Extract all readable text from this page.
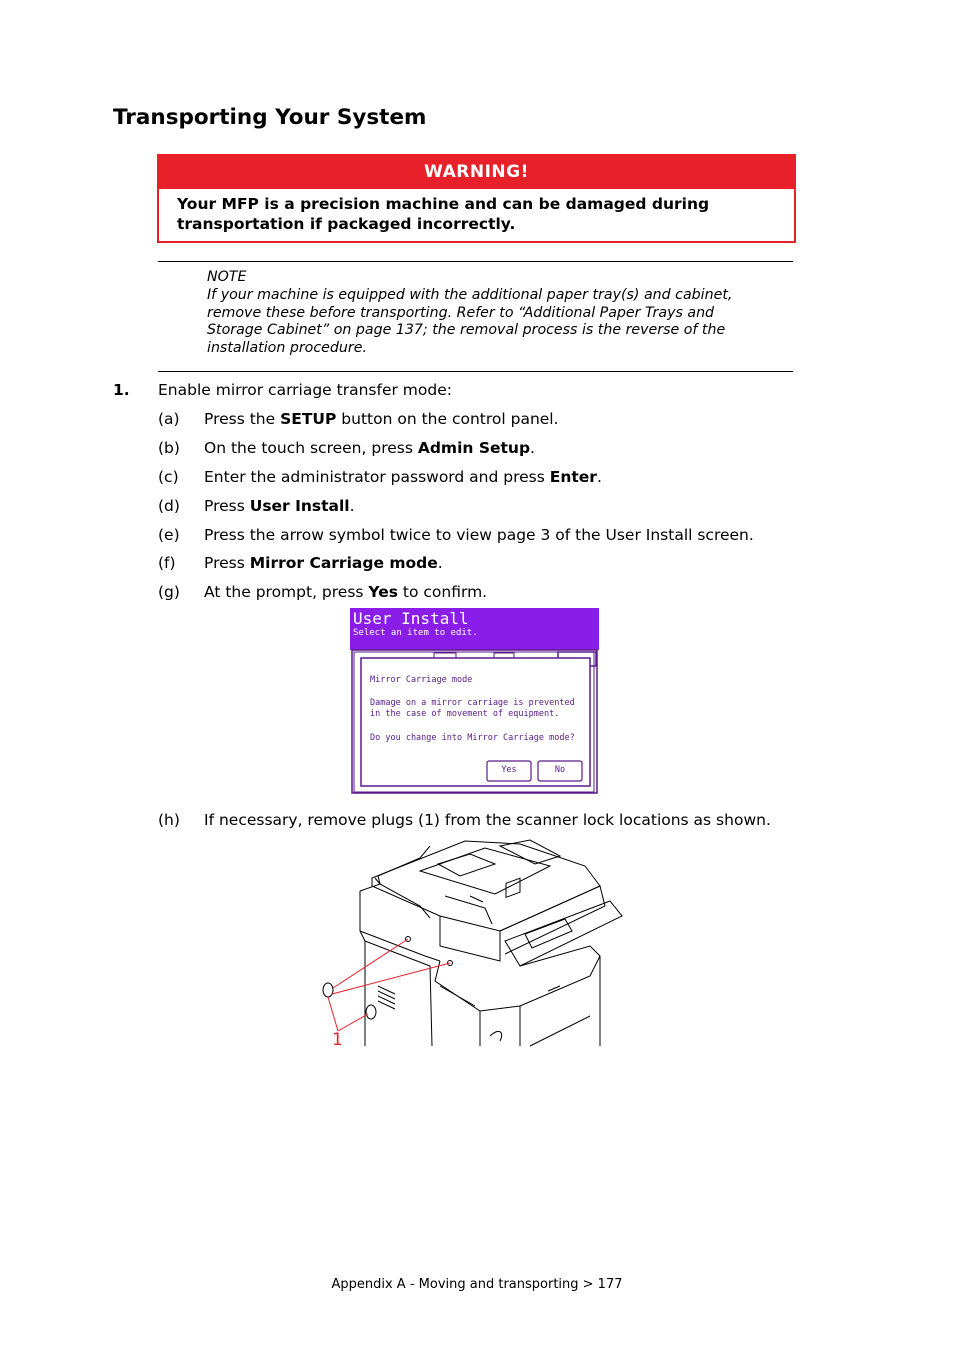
Transporting Your System
WARNING!
Your MFP is a precision machine and can be damaged during transportation if packaged incorrectly.
NOTE
If your machine is equipped with the additional paper tray(s) and cabinet,
remove these before transporting. Refer to “Additional Paper Trays and
Storage Cabinet” on page 137; the removal process is the reverse of the
installation procedure.
1. Enable mirror carriage transfer mode:
(a) Press the SETUP button on the control panel.
(b) On the touch screen, press Admin Setup.
(c) Enter the administrator password and press Enter.
(d) Press User Install.
(e) Press the arrow symbol twice to view page 3 of the User Install screen.
(f) Press Mirror Carriage mode.
(g) At the prompt, press Yes to confirm.
User Install
Select an item to edit.
Mirror Carriage mode
Damage on a mirror carriage is prevented
in the case of movement of equipment.
Do you change into Mirror Carriage mode?
Yes	No
(h) If necessary, remove plugs (1) from the scanner lock locations as shown.
1
Appendix A - Moving and transporting > 177
